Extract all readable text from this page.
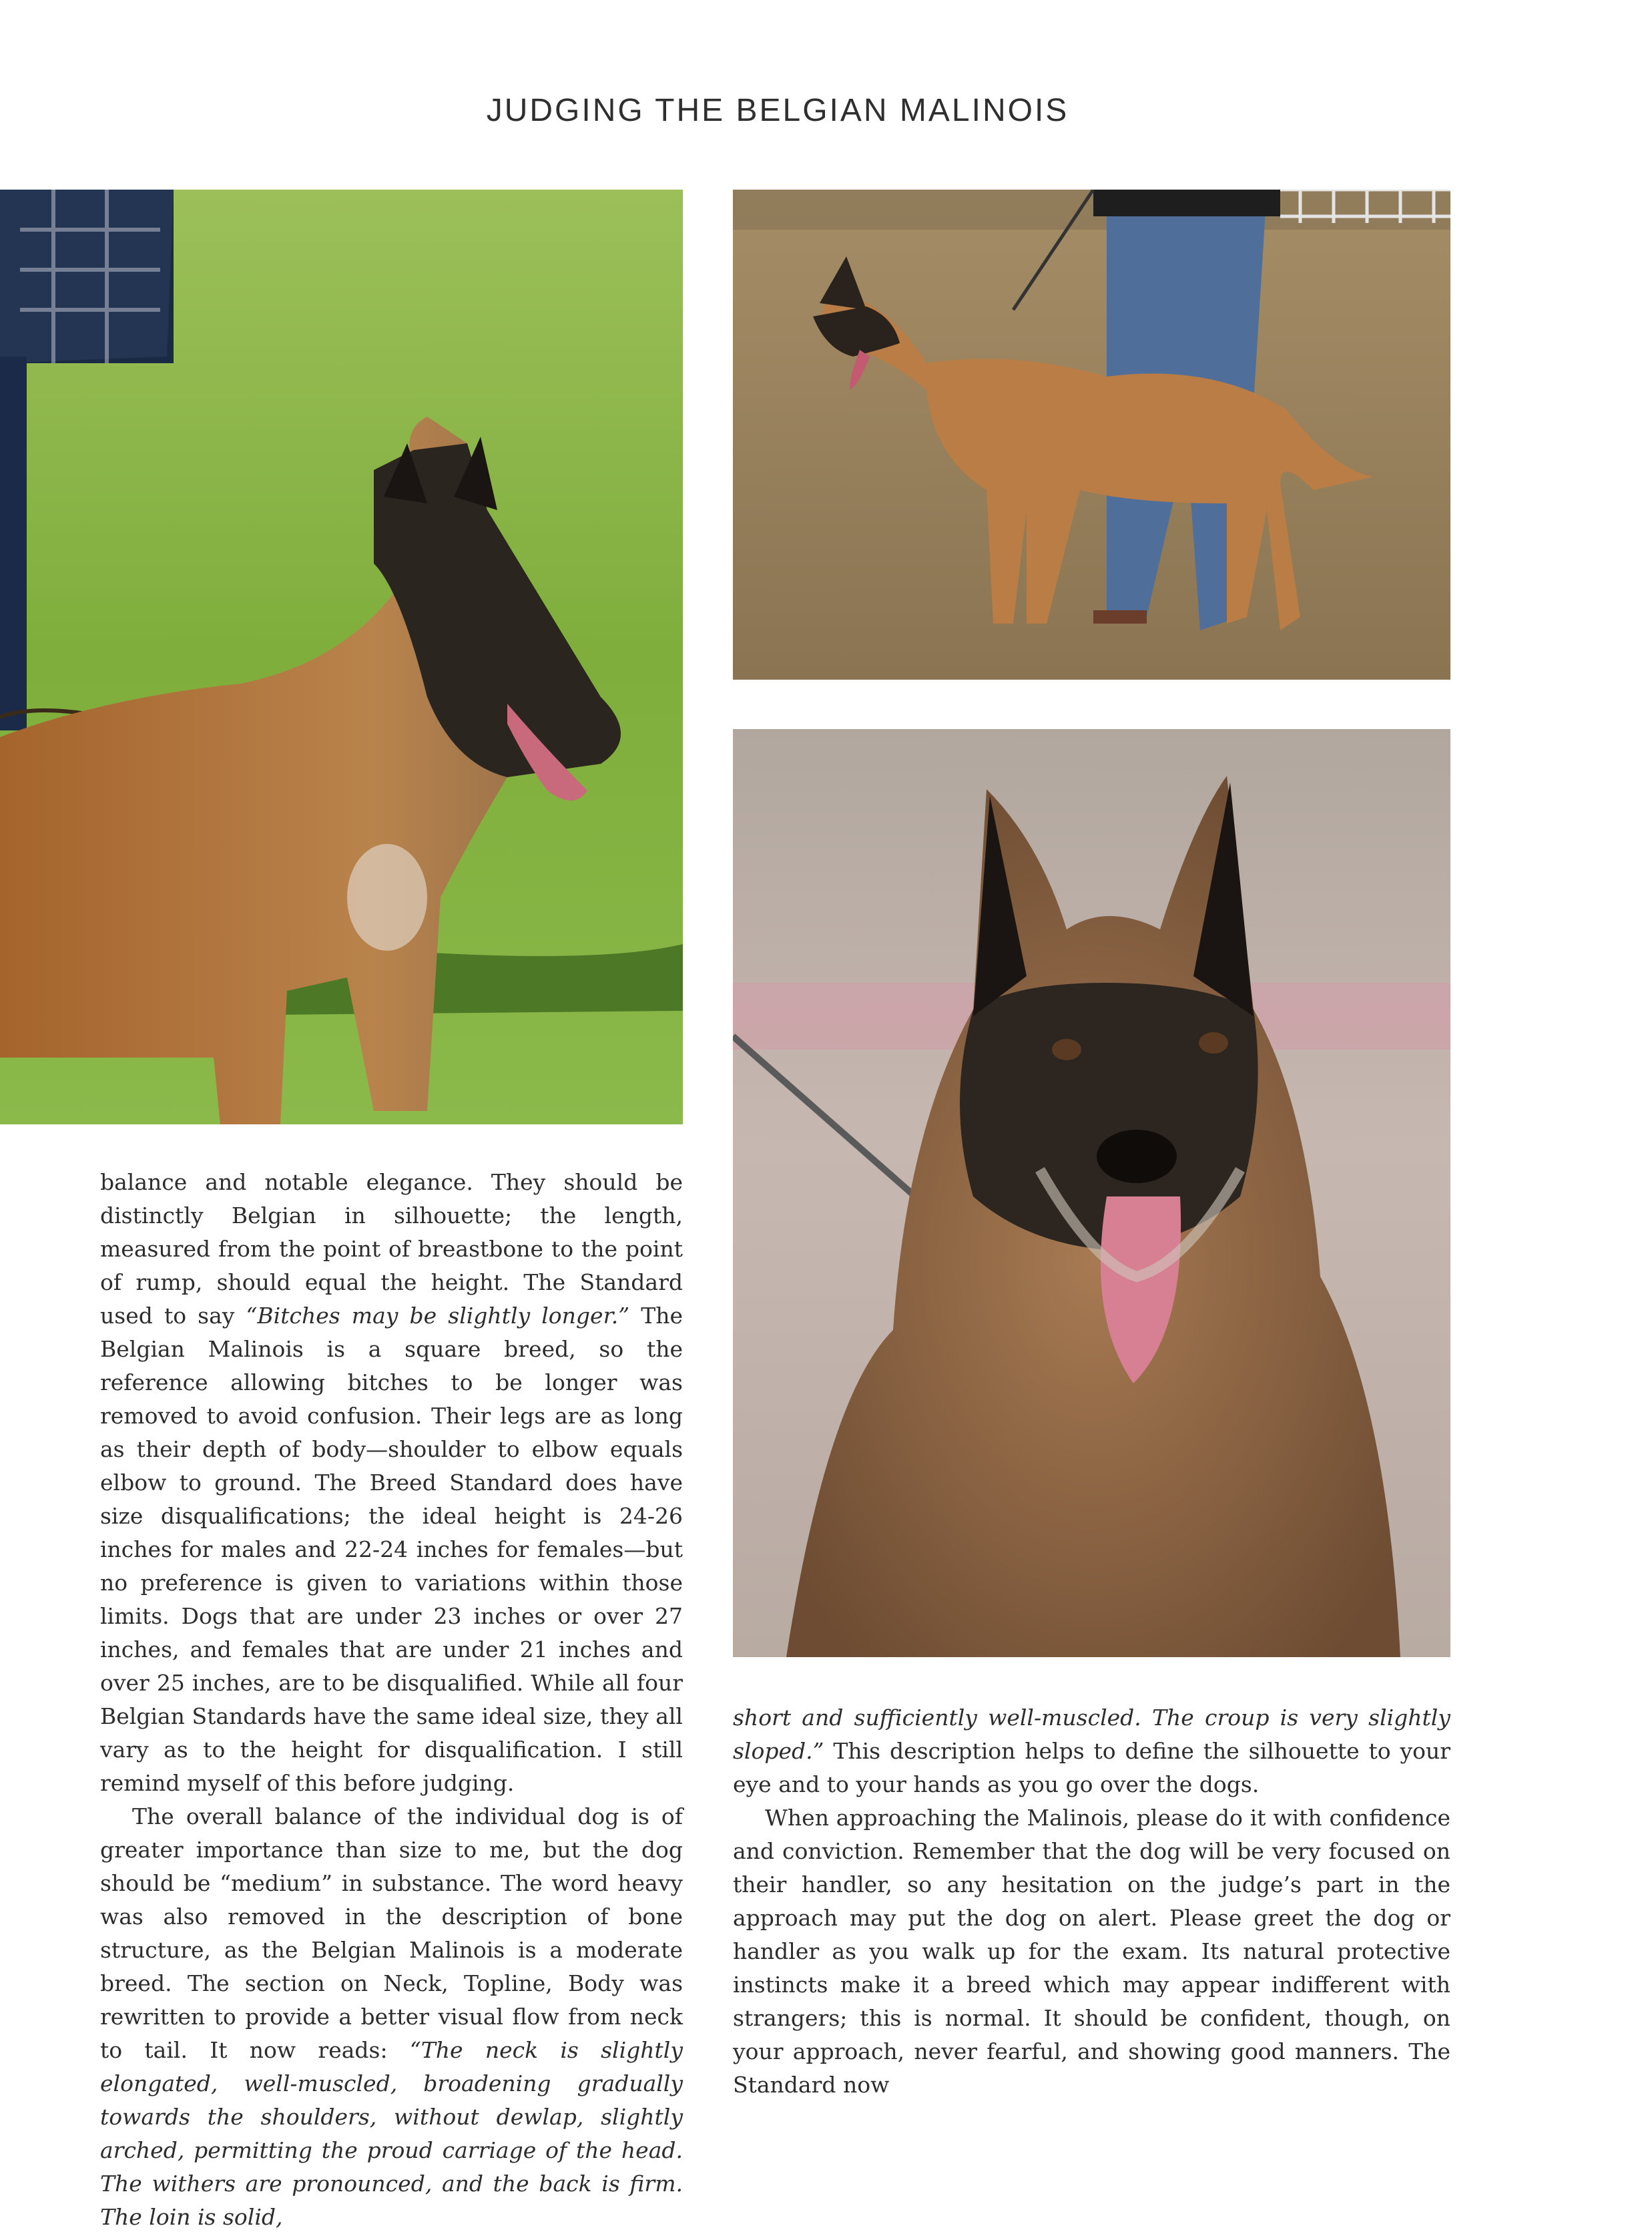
JUDGING THE BELGIAN MALINOIS

balance and notable elegance. They should be distinctly Belgian in silhouette; the length, measured from the point of breastbone to the point of rump, should equal the height. The Standard used to say “Bitches may be slightly longer.” The Belgian Malinois is a square breed, so the reference allowing bitches to be longer was removed to avoid confusion. Their legs are as long as their depth of body—shoulder to elbow equals elbow to ground. The Breed Standard does have size disqualifications; the ideal height is 24-26 inches for males and 22-24 inches for females—but no preference is given to variations within those limits. Dogs that are under 23 inches or over 27 inches, and females that are under 21 inches and over 25 inches, are to be disqualified. While all four Belgian Standards have the same ideal size, they all vary as to the height for disqualification. I still remind myself of this before judging.

The overall balance of the individual dog is of greater importance than size to me, but the dog should be “medium” in substance. The word heavy was also removed in the description of bone structure, as the Belgian Malinois is a moderate breed. The section on Neck, Topline, Body was rewritten to provide a better visual flow from neck to tail. It now reads: “The neck is slightly elongated, well-muscled, broadening gradually towards the shoulders, without dewlap, slightly arched, permitting the proud carriage of the head. The withers are pronounced, and the back is firm. The loin is solid,

short and sufficiently well-muscled. The croup is very slightly sloped.” This description helps to define the silhouette to your eye and to your hands as you go over the dogs.

When approaching the Malinois, please do it with confidence and conviction. Remember that the dog will be very focused on their handler, so any hesitation on the judge’s part in the approach may put the dog on alert. Please greet the dog or handler as you walk up for the exam. Its natural protective instincts make it a breed which may appear indifferent with strangers; this is normal. It should be confident, though, on your approach, never fearful, and showing good manners. The Standard now
